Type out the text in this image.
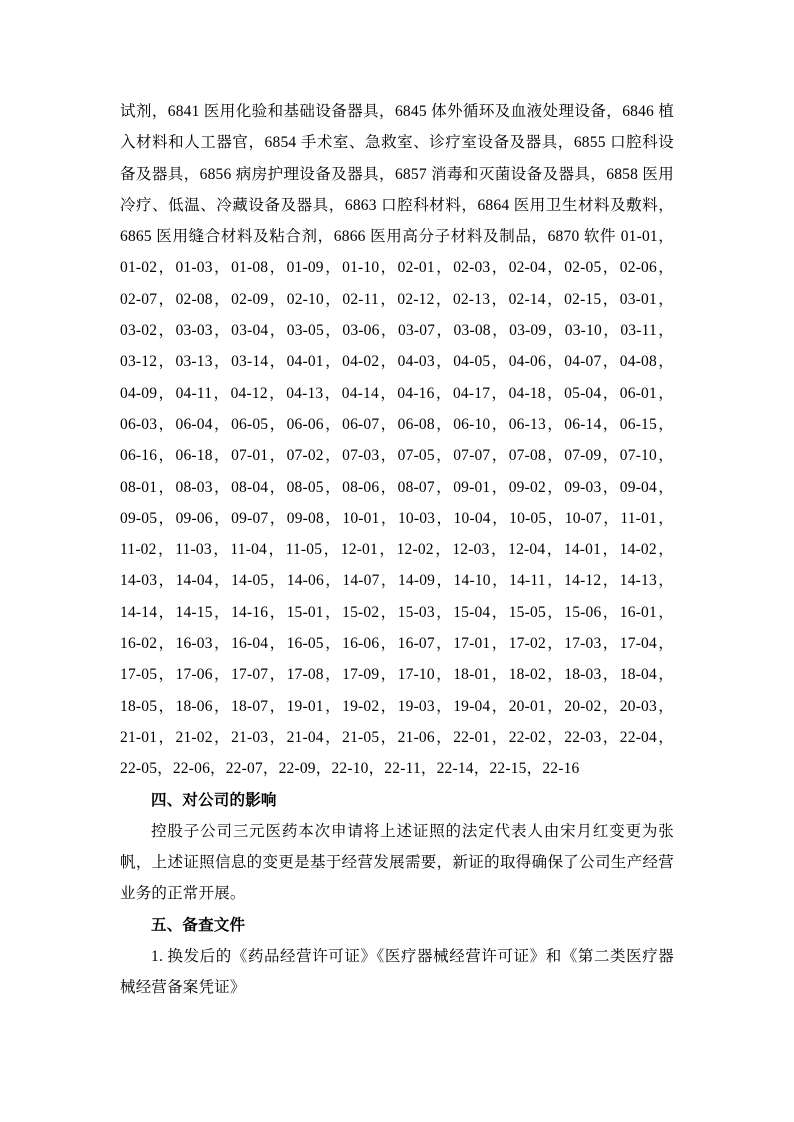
试剂，6841 医用化验和基础设备器具，6845 体外循环及血液处理设备，6846 植
入材料和人工器官，6854 手术室、急救室、诊疗室设备及器具，6855 口腔科设
备及器具，6856 病房护理设备及器具，6857 消毒和灭菌设备及器具，6858 医用
冷疗、低温、冷藏设备及器具，6863 口腔科材料，6864 医用卫生材料及敷料，
6865 医用缝合材料及粘合剂，6866 医用高分子材料及制品，6870 软件 01-01，
01-02，01-03，01-08，01-09，01-10，02-01，02-03，02-04，02-05，02-06，
02-07，02-08，02-09，02-10，02-11，02-12，02-13，02-14，02-15，03-01，
03-02，03-03，03-04，03-05，03-06，03-07，03-08，03-09，03-10，03-11，
03-12，03-13，03-14，04-01，04-02，04-03，04-05，04-06，04-07，04-08，
04-09，04-11，04-12，04-13，04-14，04-16，04-17，04-18，05-04，06-01，
06-03，06-04，06-05，06-06，06-07，06-08，06-10，06-13，06-14，06-15，
06-16，06-18，07-01，07-02，07-03，07-05，07-07，07-08，07-09，07-10，
08-01，08-03，08-04，08-05，08-06，08-07，09-01，09-02，09-03，09-04，
09-05，09-06，09-07，09-08，10-01，10-03，10-04，10-05，10-07，11-01，
11-02，11-03，11-04，11-05，12-01，12-02，12-03，12-04，14-01，14-02，
14-03，14-04，14-05，14-06，14-07，14-09，14-10，14-11，14-12，14-13，
14-14，14-15，14-16，15-01，15-02，15-03，15-04，15-05，15-06，16-01，
16-02，16-03，16-04，16-05，16-06，16-07，17-01，17-02，17-03，17-04，
17-05，17-06，17-07，17-08，17-09，17-10，18-01，18-02，18-03，18-04，
18-05，18-06，18-07，19-01，19-02，19-03，19-04，20-01，20-02，20-03，
21-01，21-02，21-03，21-04，21-05，21-06，22-01，22-02，22-03，22-04，
22-05，22-06，22-07，22-09，22-10，22-11，22-14，22-15，22-16
四、对公司的影响
控股子公司三元医药本次申请将上述证照的法定代表人由宋月红变更为张
帆，上述证照信息的变更是基于经营发展需要，新证的取得确保了公司生产经营
业务的正常开展。
五、备查文件
1. 换发后的《药品经营许可证》《医疗器械经营许可证》和《第二类医疗器
械经营备案凭证》
